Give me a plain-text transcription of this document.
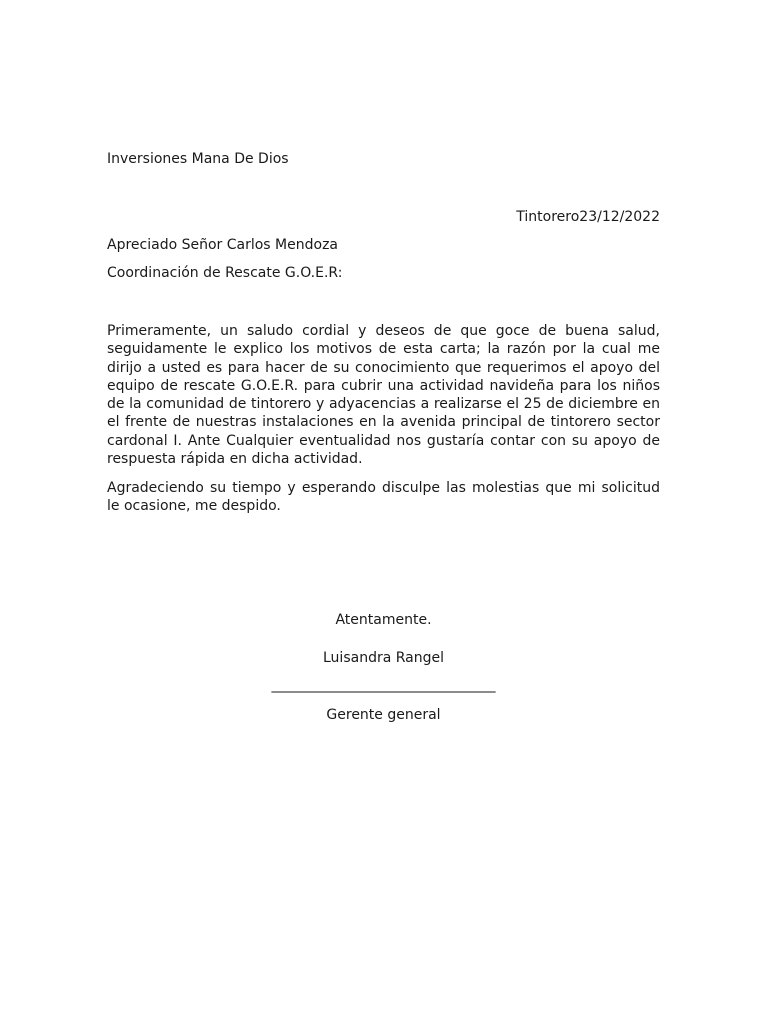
Inversiones Mana De Dios
Tintorero23/12/2022
Apreciado Señor Carlos Mendoza
Coordinación de Rescate G.O.E.R:
Primeramente, un saludo cordial y deseos de que goce de buena salud, seguidamente le explico los motivos de esta carta; la razón por la cual me dirijo a usted es para hacer de su conocimiento que requerimos el apoyo del equipo de rescate G.O.E.R. para cubrir una actividad navideña para los niños de la comunidad de tintorero y adyacencias a realizarse el 25 de diciembre en el frente de nuestras instalaciones en la avenida principal de tintorero sector cardonal I. Ante Cualquier eventualidad nos gustaría contar con su apoyo de respuesta rápida en dicha actividad.
Agradeciendo su tiempo y esperando disculpe las molestias que mi solicitud le ocasione, me despido.
Atentamente.
Luisandra Rangel
________________________________
Gerente general
